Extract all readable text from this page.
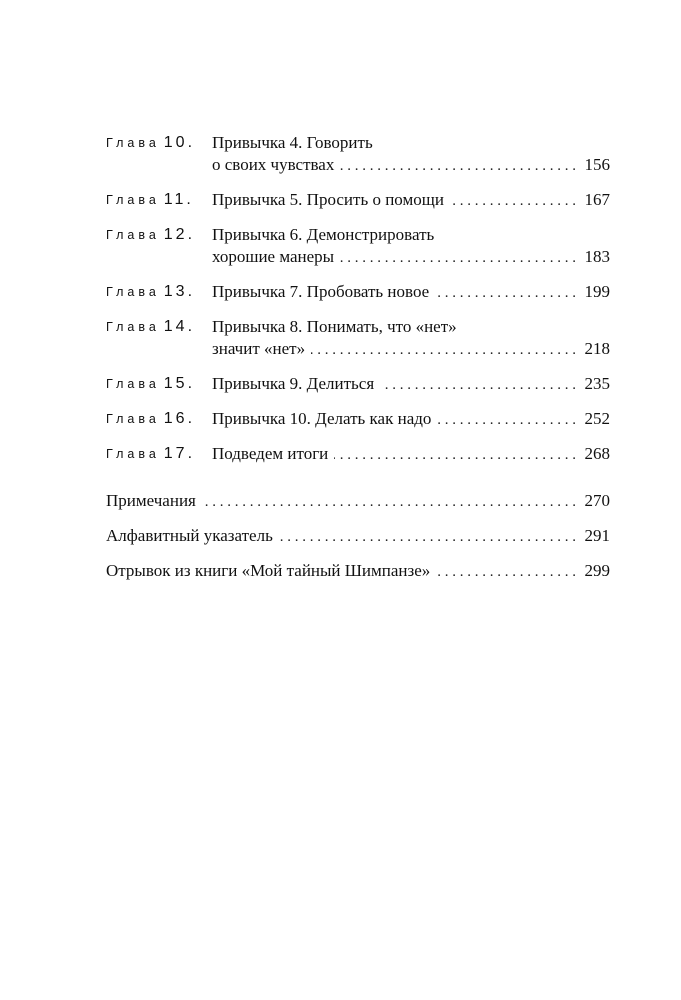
Глава 10. Привычка 4. Говорить
о своих чувствах . . .	156
Глава 11. Привычка 5. Просить о помощи . . .	167
Глава 12. Привычка 6. Демонстрировать
хорошие манеры . . .	183
Глава 13. Привычка 7. Пробовать новое . . .	199
Глава 14. Привычка 8. Понимать, что «нет»
значит «нет» . . .	218
Глава 15. Привычка 9. Делиться . . .	235
Глава 16. Привычка 10. Делать как надо . . .	252
Глава 17. Подведем итоги . . .	268
Примечания . . .	270
Алфавитный указатель . . .	291
Отрывок из книги «Мой тайный Шимпанзе» . . .	299
